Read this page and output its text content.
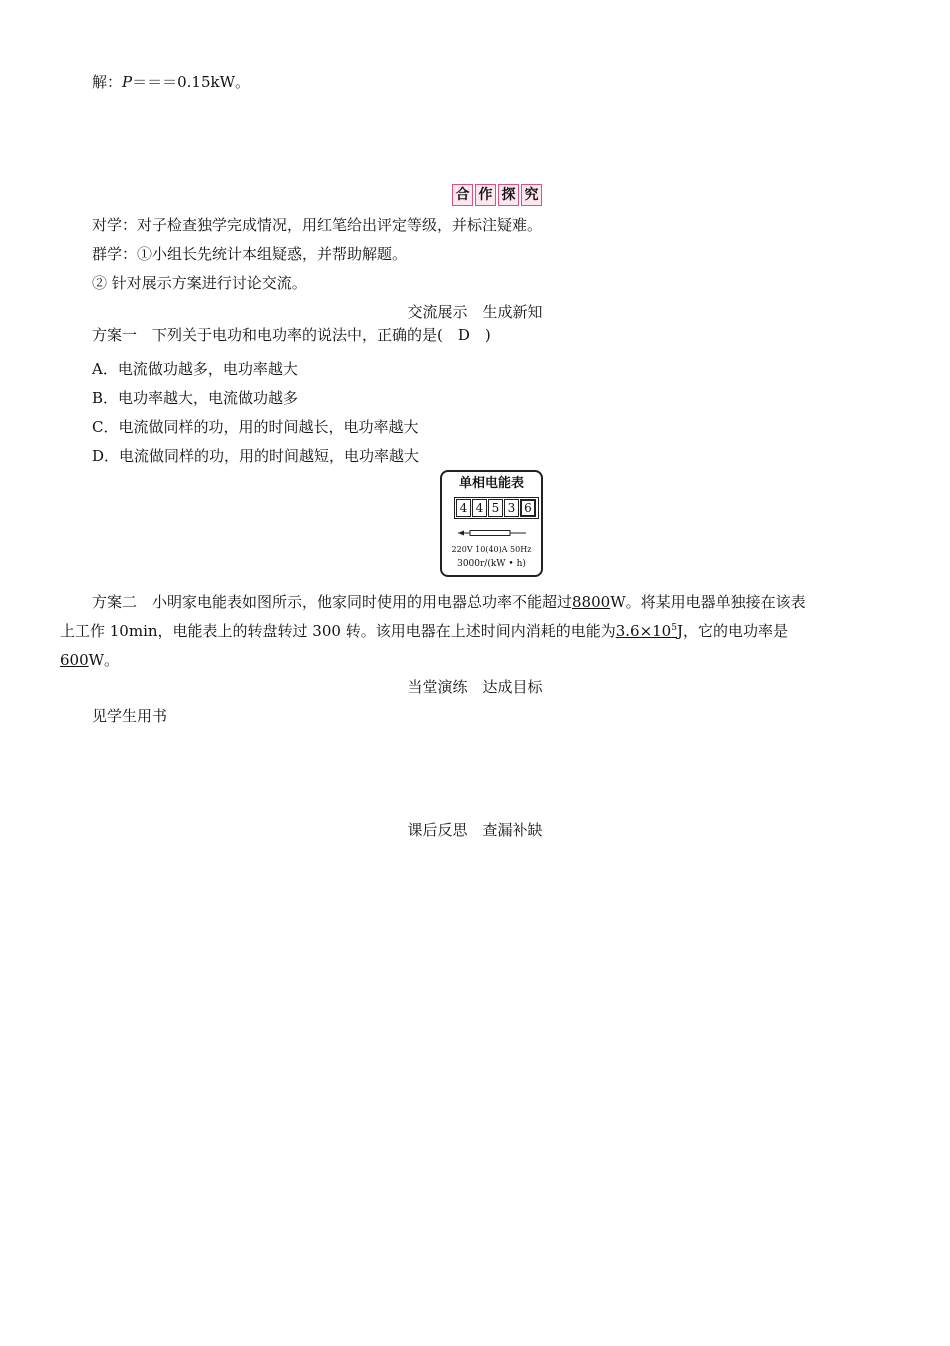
解：P＝＝＝0.15kW。
合 作 探 究
对学：对子检查独学完成情况，用红笔给出评定等级，并标注疑难。
群学：①小组长先统计本组疑惑，并帮助解题。
② 针对展示方案进行讨论交流。
交流展示　生成新知
方案一　下列关于电功和电功率的说法中，正确的是(　D　)
A．电流做功越多，电功率越大
B．电功率越大，电流做功越多
C．电流做同样的功，用的时间越长，电功率越大
D．电流做同样的功，用的时间越短，电功率越大
单相电能表
4 4 5 3 6
220V 10(40)A 50Hz
3000r/(kW • h)
方案二　小明家电能表如图所示，他家同时使用的用电器总功率不能超过8800W。将某用电器单独接在该表
上工作 10min，电能表上的转盘转过 300 转。该用电器在上述时间内消耗的电能为$3.6\times 10^5J$，它的电功率是
600W。
当堂演练　达成目标
见学生用书
课后反思　查漏补缺
